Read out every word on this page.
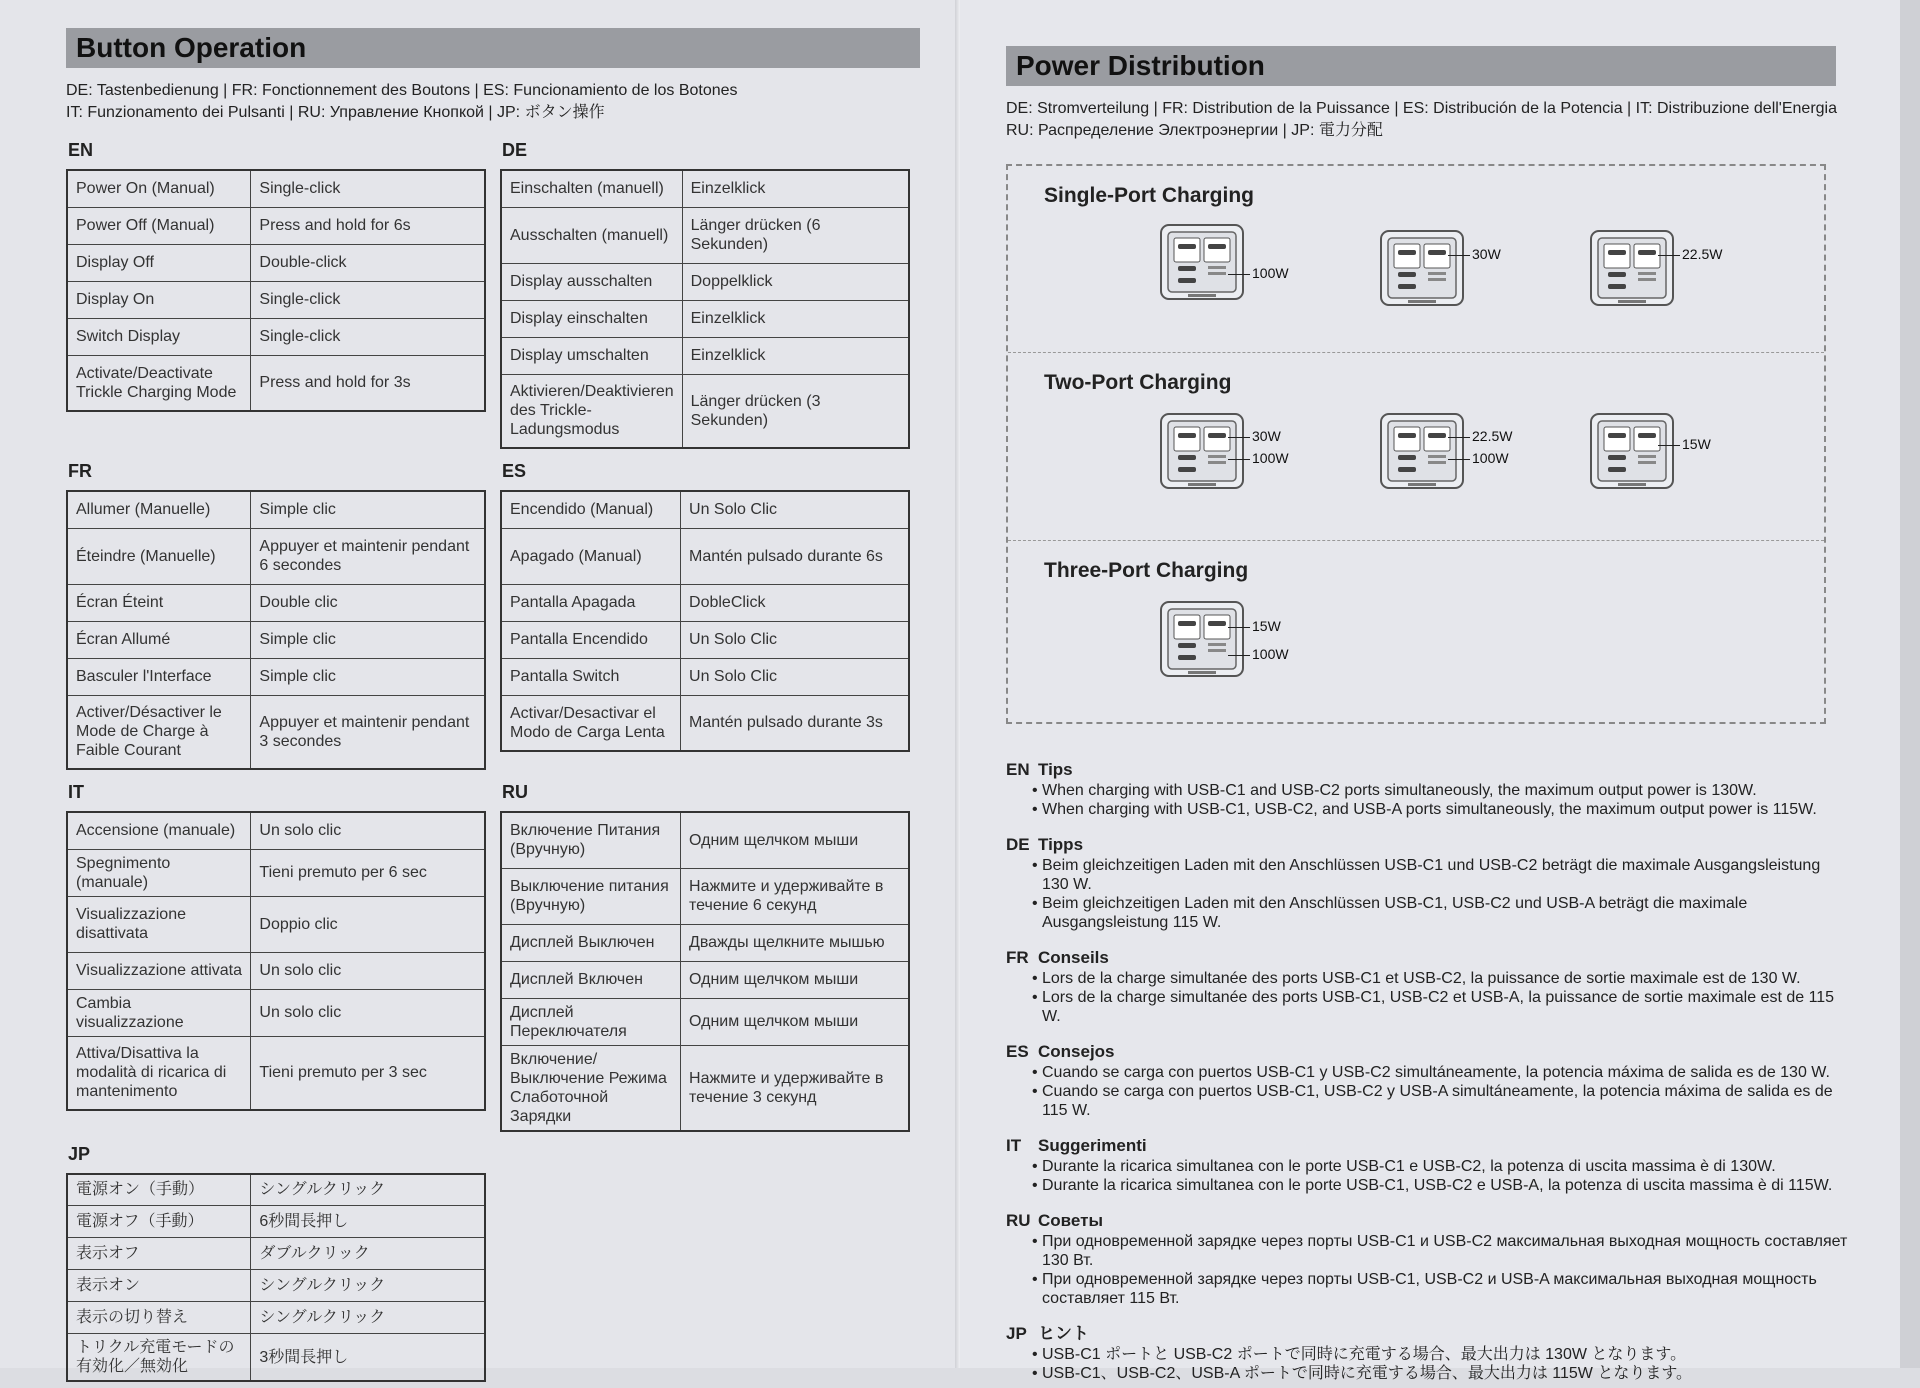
Button Operation
DE: Tastenbedienung | FR: Fonctionnement des Boutons | ES: Funcionamiento de los Botones
IT: Funzionamento dei Pulsanti | RU: Управление Кнопкой | JP: ボタン操作
EN
Power On (Manual)	Single-click
Power Off (Manual)	Press and hold for 6s
Display Off	Double-click
Display On	Single-click
Switch Display	Single-click
Activate/Deactivate Trickle Charging Mode	Press and hold for 3s
DE
Einschalten (manuell)	Einzelklick
Ausschalten (manuell)	Länger drücken (6 Sekunden)
Display ausschalten	Doppelklick
Display einschalten	Einzelklick
Display umschalten	Einzelklick
Aktivieren/Deaktivieren des Trickle-Ladungsmodus	Länger drücken (3 Sekunden)
FR
Allumer (Manuelle)	Simple clic
Éteindre (Manuelle)	Appuyer et maintenir pendant 6 secondes
Écran Éteint	Double clic
Écran Allumé	Simple clic
Basculer l'Interface	Simple clic
Activer/Désactiver le Mode de Charge à Faible Courant	Appuyer et maintenir pendant 3 secondes
ES
Encendido (Manual)	Un Solo Clic
Apagado (Manual)	Mantén pulsado durante 6s
Pantalla Apagada	DobleClick
Pantalla Encendido	Un Solo Clic
Pantalla Switch	Un Solo Clic
Activar/Desactivar el Modo de Carga Lenta	Mantén pulsado durante 3s
IT
Accensione (manuale)	Un solo clic
Spegnimento (manuale)	Tieni premuto per 6 sec
Visualizzazione disattivata	Doppio clic
Visualizzazione attivata	Un solo clic
Cambia visualizzazione	Un solo clic
Attiva/Disattiva la modalità di ricarica di mantenimento	Tieni premuto per 3 sec
RU
Включение Питания (Вручную)	Одним щелчком мыши
Выключение питания (Вручную)	Нажмите и удерживайте в течение 6 секунд
Дисплей Выключен	Дважды щелкните мышью
Дисплей Включен	Одним щелчком мыши
Дисплей Переключателя	Одним щелчком мыши
Включение/Выключение Режима Слаботочной Зарядки	Нажмите и удерживайте в течение 3 секунд
JP
電源オン（手動）	シングルクリック
電源オフ（手動）	6秒間長押し
表示オフ	ダブルクリック
表示オン	シングルクリック
表示の切り替え	シングルクリック
トリクル充電モードの有効化／無効化	3秒間長押し
Power Distribution
DE: Stromverteilung | FR: Distribution de la Puissance | ES: Distribución de la Potencia | IT: Distribuzione dell'Energia
RU: Распределение Электроэнергии | JP: 電力分配
Single-Port Charging
100W
30W	22.5W
Two-Port Charging
30W
100W
22.5W
100W
15W
Three-Port Charging
15W
100W
EN Tips
• When charging with USB-C1 and USB-C2 ports simultaneously, the maximum output power is 130W.
• When charging with USB-C1, USB-C2, and USB-A ports simultaneously, the maximum output power is 115W.
DE Tipps
• Beim gleichzeitigen Laden mit den Anschlüssen USB-C1 und USB-C2 beträgt die maximale Ausgangsleistung 130 W.
• Beim gleichzeitigen Laden mit den Anschlüssen USB-C1, USB-C2 und USB-A beträgt die maximale Ausgangsleistung 115 W.
FR Conseils
• Lors de la charge simultanée des ports USB-C1 et USB-C2, la puissance de sortie maximale est de 130 W.
• Lors de la charge simultanée des ports USB-C1, USB-C2 et USB-A, la puissance de sortie maximale est de 115 W.
ES Consejos
• Cuando se carga con puertos USB-C1 y USB-C2 simultáneamente, la potencia máxima de salida es de 130 W.
• Cuando se carga con puertos USB-C1, USB-C2 y USB-A simultáneamente, la potencia máxima de salida es de 115 W.
IT Suggerimenti
• Durante la ricarica simultanea con le porte USB-C1 e USB-C2, la potenza di uscita massima è di 130W.
• Durante la ricarica simultanea con le porte USB-C1, USB-C2 e USB-A, la potenza di uscita massima è di 115W.
RU Советы
• При одновременной зарядке через порты USB-C1 и USB-C2 максимальная выходная мощность составляет 130 Вт.
• При одновременной зарядке через порты USB-C1, USB-C2 и USB-A максимальная выходная мощность составляет 115 Вт.
JP ヒント
• USB-C1 ポートと USB-C2 ポートで同時に充電する場合、最大出力は 130W となります。
• USB-C1、USB-C2、USB-A ポートで同時に充電する場合、最大出力は 115W となります。
